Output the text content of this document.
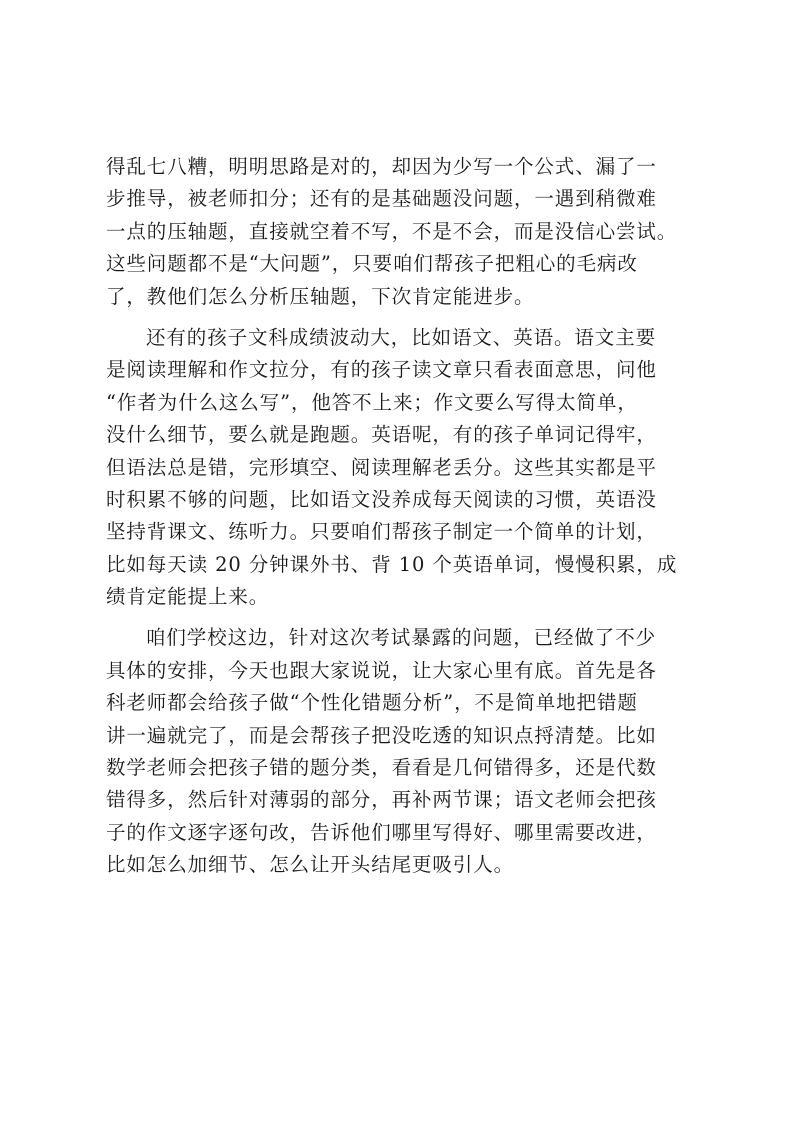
得乱七八糟，明明思路是对的，却因为少写一个公式、漏了一
步推导，被老师扣分；还有的是基础题没问题，一遇到稍微难
一点的压轴题，直接就空着不写，不是不会，而是没信心尝试。
这些问题都不是“大问题”，只要咱们帮孩子把粗心的毛病改
了，教他们怎么分析压轴题，下次肯定能进步。
还有的孩子文科成绩波动大，比如语文、英语。语文主要
是阅读理解和作文拉分，有的孩子读文章只看表面意思，问他
“作者为什么这么写”，他答不上来；作文要么写得太简单，
没什么细节，要么就是跑题。英语呢，有的孩子单词记得牢，
但语法总是错，完形填空、阅读理解老丢分。这些其实都是平
时积累不够的问题，比如语文没养成每天阅读的习惯，英语没
坚持背课文、练听力。只要咱们帮孩子制定一个简单的计划，
比如每天读 20 分钟课外书、背 10 个英语单词，慢慢积累，成
绩肯定能提上来。
咱们学校这边，针对这次考试暴露的问题，已经做了不少
具体的安排，今天也跟大家说说，让大家心里有底。首先是各
科老师都会给孩子做“个性化错题分析”，不是简单地把错题
讲一遍就完了，而是会帮孩子把没吃透的知识点捋清楚。比如
数学老师会把孩子错的题分类，看看是几何错得多，还是代数
错得多，然后针对薄弱的部分，再补两节课；语文老师会把孩
子的作文逐字逐句改，告诉他们哪里写得好、哪里需要改进，
比如怎么加细节、怎么让开头结尾更吸引人。
